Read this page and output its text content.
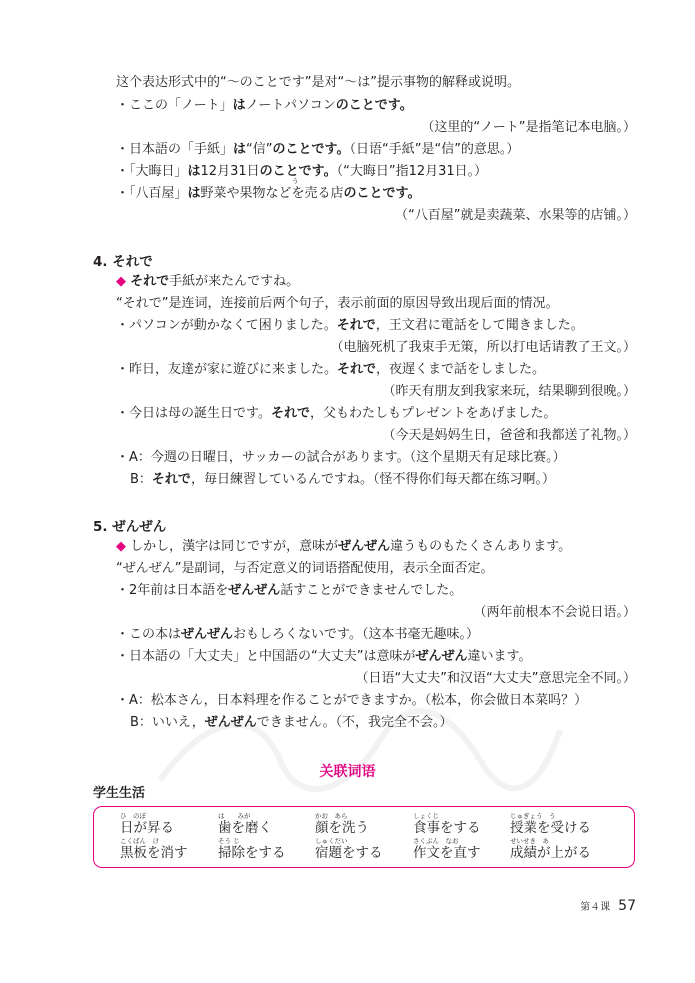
这个表达形式中的“～のことです”是对“～は”提示事物的解释或说明。
・ここの「ノート」はノートパソコンのことです。
（这里的“ノート”是指笔记本电脑。）
・日本語の「手紙」は“信”のことです。（日语“手紙”是“信”的意思。）
・「大晦日」は12月31日のことです。（“大晦日”指12月31日。）
う
・「八百屋」は野菜や果物などを売る店のことです。
（“八百屋”就是卖蔬菜、水果等的店铺。）
4. それで
◆ それで手紙が来たんですね。
“それで”是连词，连接前后两个句子，表示前面的原因导致出现后面的情况。
・パソコンが動かなくて困りました。それで，王文君に電話をして聞きました。
（电脑死机了我束手无策，所以打电话请教了王文。）
・昨日，友達が家に遊びに来ました。それで，夜遅くまで話をしました。
（昨天有朋友到我家来玩，结果聊到很晚。）
・今日は母の誕生日です。それで，父もわたしもプレゼントをあげました。
（今天是妈妈生日，爸爸和我都送了礼物。）
・A：今週の日曜日，サッカーの試合があります。（这个星期天有足球比赛。）
B：それで，毎日練習しているんですね。（怪不得你们每天都在练习啊。）
5. ぜんぜん
◆ しかし，漢字は同じですが，意味がぜんぜん違うものもたくさんあります。
“ぜんぜん”是副词，与否定意义的词语搭配使用，表示全面否定。
・2年前は日本語をぜんぜん話すことができませんでした。
（两年前根本不会说日语。）
・この本はぜんぜんおもしろくないです。（这本书毫无趣味。）
・日本語の「大丈夫」と中国語の“大丈夫”は意味がぜんぜん違います。
（日语“大丈夫”和汉语“大丈夫”意思完全不同。）
・A：松本さん，日本料理を作ることができますか。（松本，你会做日本菜吗？）
B：いいえ，ぜんぜんできません。（不，我完全不会。）
关联词语
学生生活
ひ　のぼ
日が昇る
は　　みが
歯を磨く
かお　あら
顔を洗う
しょくじ
食事をする
じゅぎょう　う
授業を受ける
こくばん　け
黒板を消す
そう じ
掃除をする
しゅくだい
宿題をする
さくぶん　なお
作文を直す
せいせき　あ
成績が上がる
第４课 57
